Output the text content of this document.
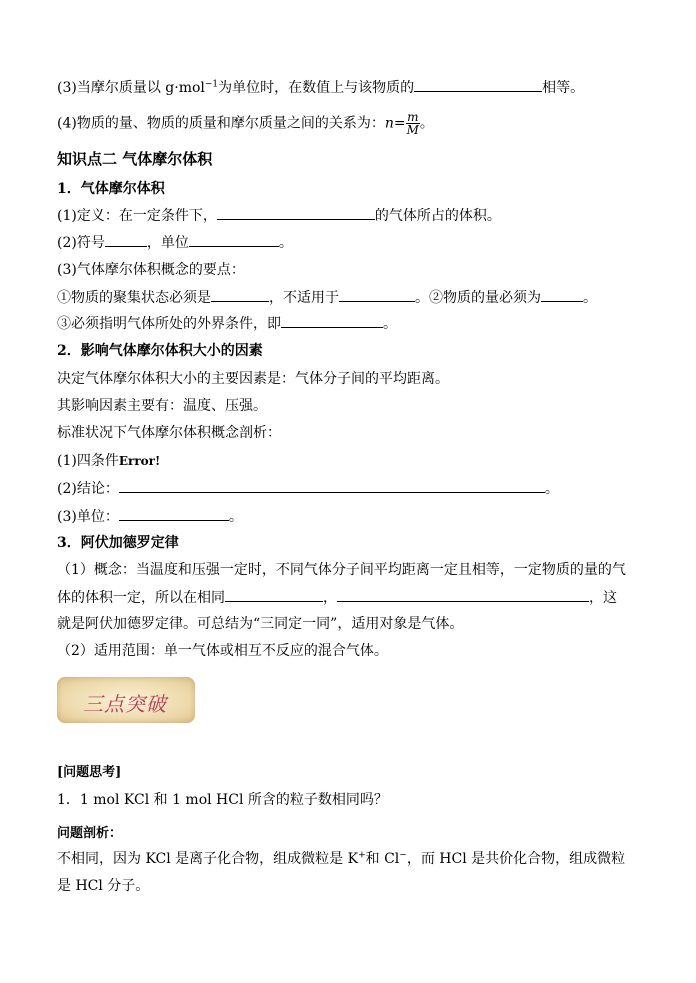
(3)当摩尔质量以 g·mol$^{-1}$为单位时，在数值上与该物质的	相等。
(4)物质的量、物质的质量和摩尔质量之间的关系为：$n= \frac{m}{M}$ 。
知识点二 气体摩尔体积
1．气体摩尔体积
(1)定义：在一定条件下，	的气体所占的体积。
(2)符号	，单位	。
(3)气体摩尔体积概念的要点：
①物质的聚集状态必须是	，不适用于	。②物质的量必须为	。
③必须指明气体所处的外界条件，即	。
2．影响气体摩尔体积大小的因素
决定气体摩尔体积大小的主要因素是：气体分子间的平均距离。
其影响因素主要有：温度、压强。
标准状况下气体摩尔体积概念剖析：
(1)四条件Error!
(2)结论：	。
(3)单位：	。
3．阿伏加德罗定律
（1）概念：当温度和压强一定时，不同气体分子间平均距离一定且相等，一定物质的量的气
体的体积一定，所以在相同	，	，这
就是阿伏加德罗定律。可总结为“三同定一同”，适用对象是气体。
（2）适用范围：单一气体或相互不反应的混合气体。
三点突破
[问题思考]
1．1 mol KCl 和 1 mol HCl 所含的粒子数相同吗？
问题剖析：
不相同，因为 KCl 是离子化合物，组成微粒是 K+和 Cl−，而 HCl 是共价化合物，组成微粒
是 HCl 分子。
